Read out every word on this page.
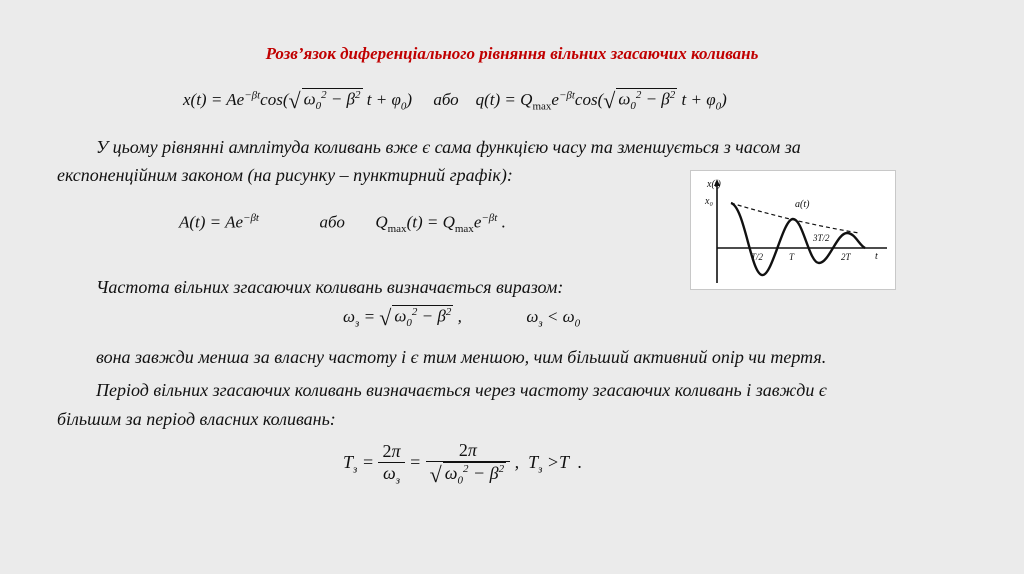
Розв’язок диференціального рівняння вільних згасаючих коливань
$x(t) = Ae^{-\beta t}\cos(√$ $\omega_0^2 - \beta^2$ $t + \varphi_0$)     або    $q(t) = Q_{max}e^{-\beta t}\cos(√$ $\omega_0^2 - \beta^2$ $t + \varphi_0$)
У цьому рівнянні амплітуда коливань вже є сама функцією часу та зменшується з часом за
експоненційним законом (на рисунку – пунктирний графік):
$A(t) = Ae^{-\beta t}$	або  $Q_{max}(t) = Q_{max}e^{-\beta t}$ .
x(t)
x₀	a(t)
t
T/2	T
3T/2
2T
Частота вільних згасаючих коливань визначається виразом:
$\omega_з$ = √ $\omega_0^2 - \beta^2$ ,	$\omega_з < \omega_0$
вона завжди менша за власну частоту і є тим меншою, чим більший активний опір чи тертя.
Період вільних згасаючих коливань визначається через частоту згасаючих коливань і завжди є
більшим за період власних коливань:
$T_з = \frac{2\pi}{\omega_з} = \frac{2\pi}{√ \omega_0^2 - \beta^2}$ ,  $T_з >T$  .
